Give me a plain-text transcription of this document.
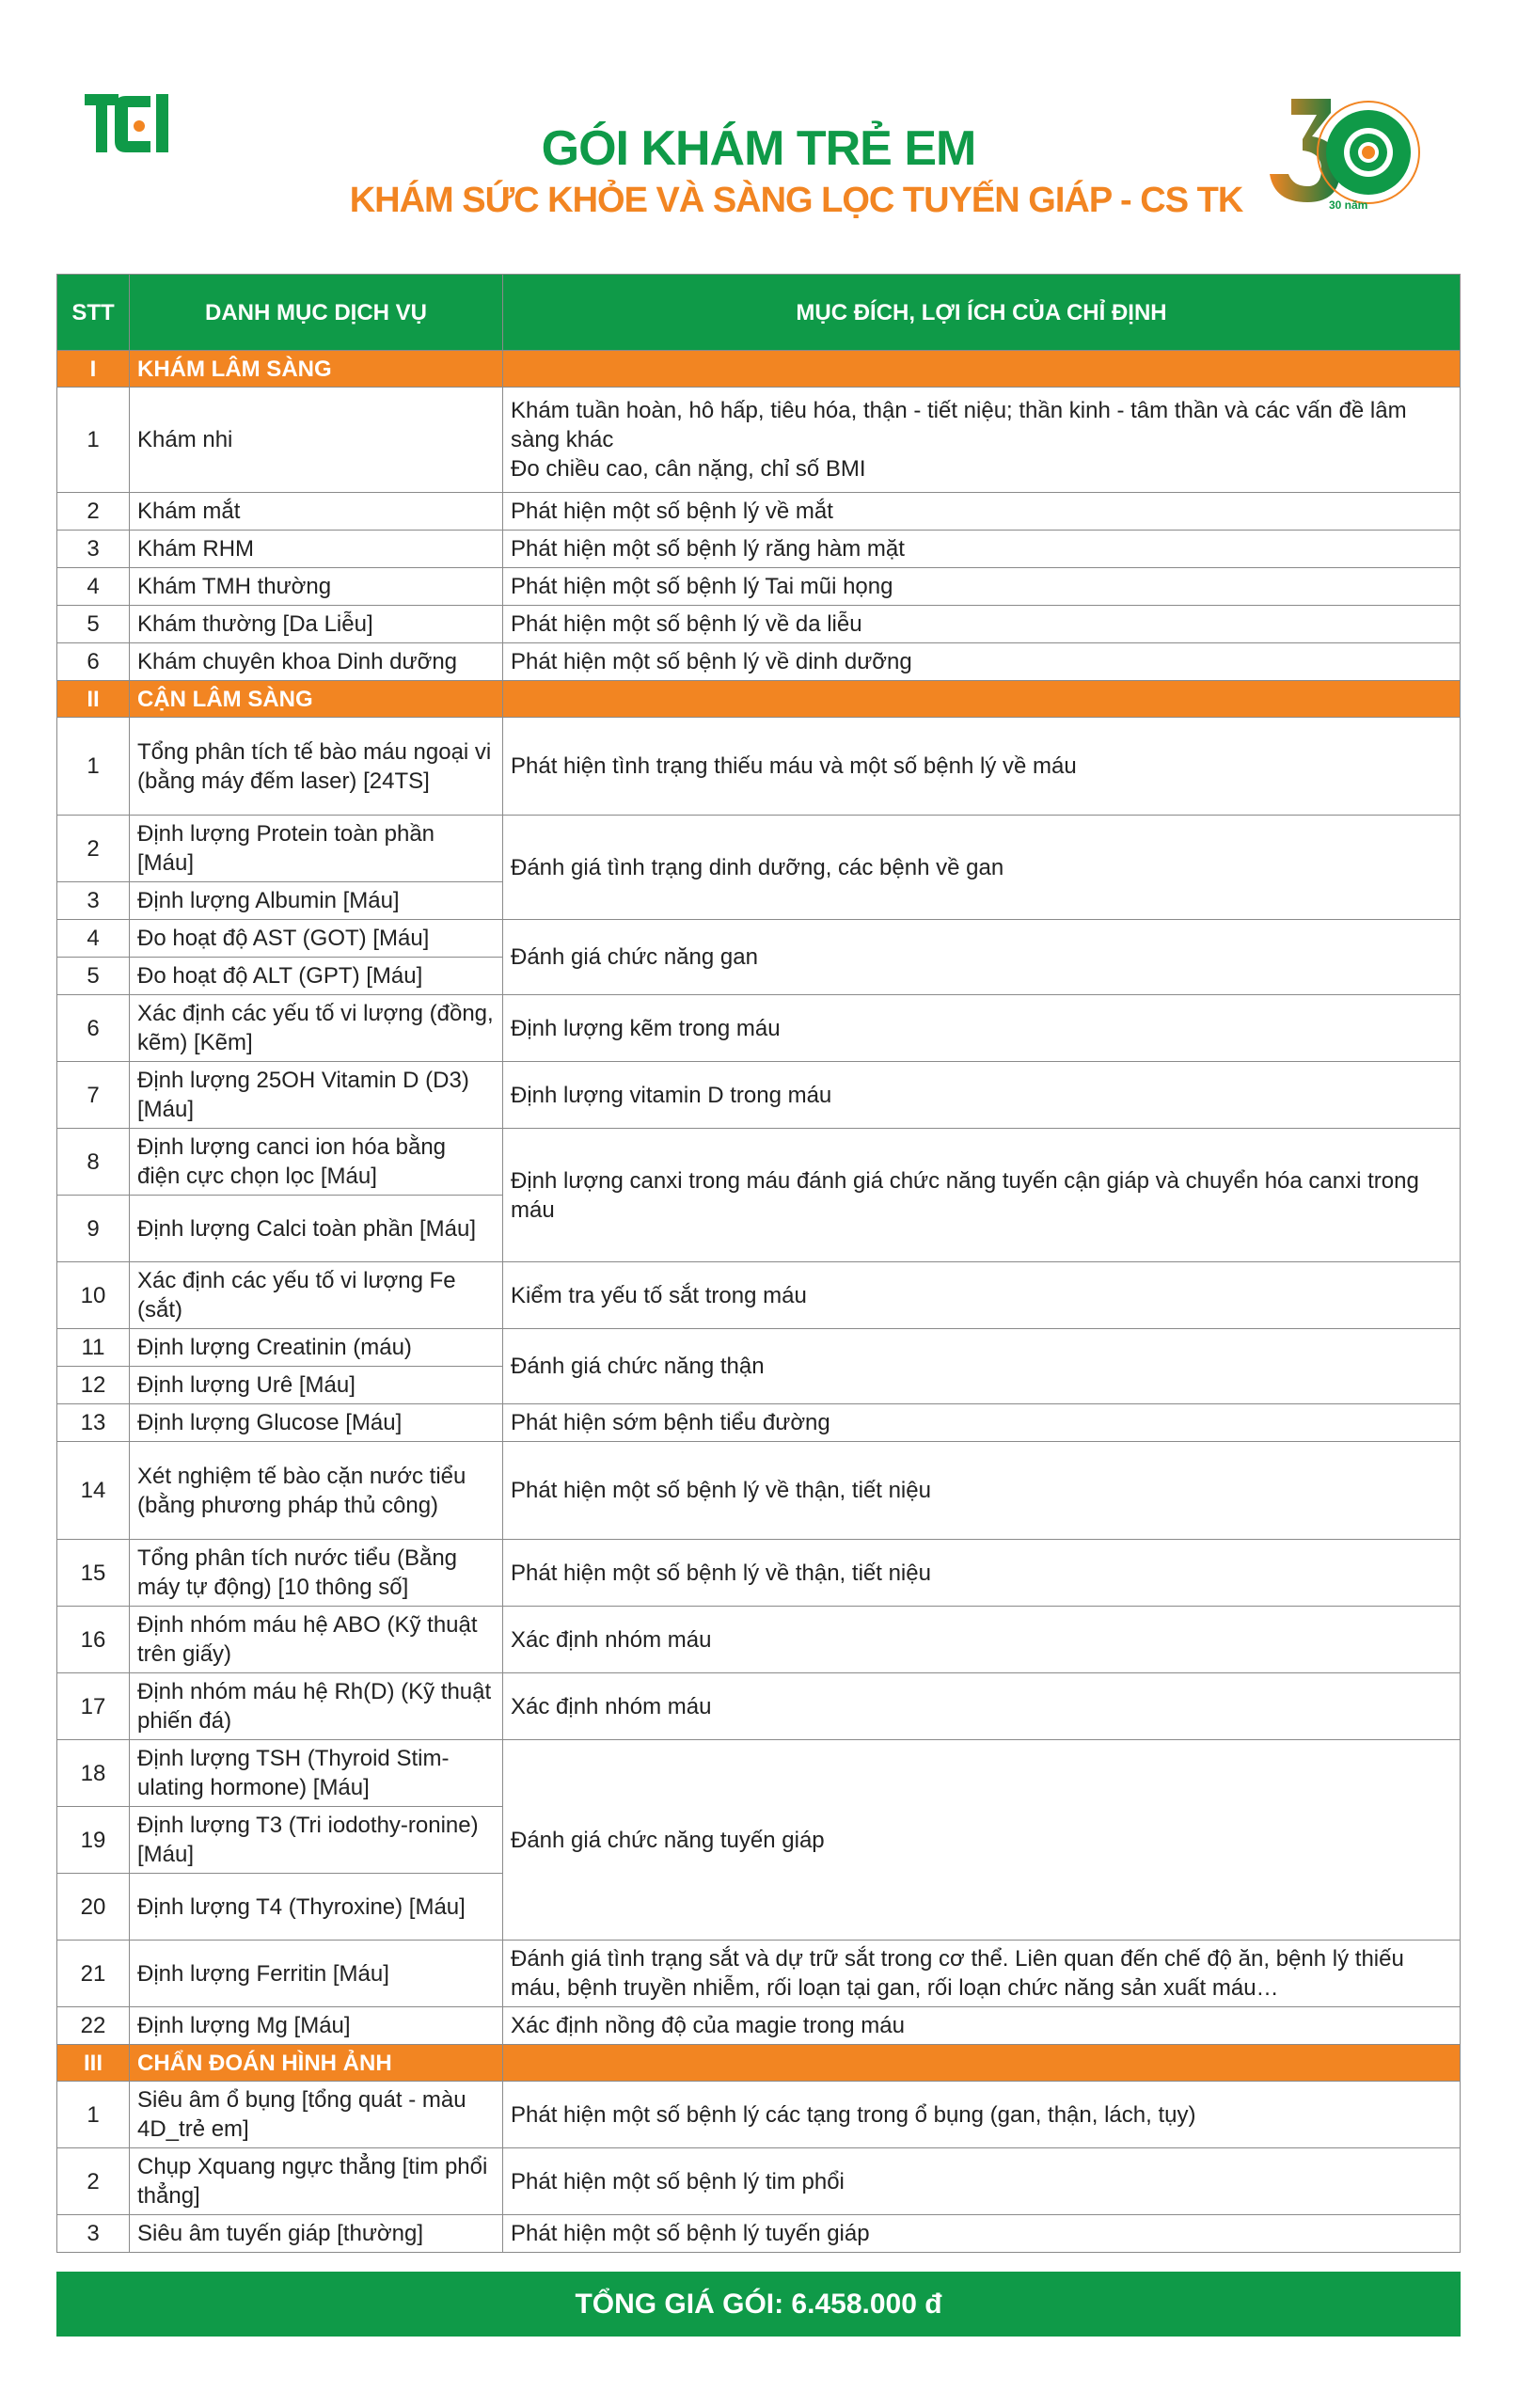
30 năm
GÓI KHÁM TRẺ EM
KHÁM SỨC KHỎE VÀ SÀNG LỌC TUYẾN GIÁP - CS TK
STT	DANH MỤC DỊCH VỤ	MỤC ĐÍCH, LỢI ÍCH CỦA CHỈ ĐỊNH
I	KHÁM LÂM SÀNG	
1	Khám nhi	Khám tuần hoàn, hô hấp, tiêu hóa, thận - tiết niệu; thần kinh - tâm thần và các vấn đề lâm sàng khác
Đo chiều cao, cân nặng, chỉ số BMI
2	Khám mắt	Phát hiện một số bệnh lý về mắt
3	Khám RHM	Phát hiện một số bệnh lý răng hàm mặt
4	Khám TMH thường	Phát hiện một số bệnh lý Tai mũi họng
5	Khám thường [Da Liễu]	Phát hiện một số bệnh lý về da liễu
6	Khám chuyên khoa Dinh dưỡng	Phát hiện một số bệnh lý về dinh dưỡng
II	CẬN LÂM SÀNG	
1	Tổng phân tích tế bào máu ngoại vi (bằng máy đếm laser) [24TS]	Phát hiện tình trạng thiếu máu và một số bệnh lý về máu
2	Định lượng Protein toàn phần [Máu]	Đánh giá tình trạng dinh dưỡng, các bệnh về gan
3	Định lượng Albumin [Máu]	
4	Đo hoạt độ AST (GOT) [Máu]	Đánh giá chức năng gan
5	Đo hoạt độ ALT (GPT) [Máu]	
6	Xác định các yếu tố vi lượng (đồng, kẽm) [Kẽm]	Định lượng kẽm trong máu
7	Định lượng 25OH Vitamin D (D3) [Máu]	Định lượng vitamin D trong máu
8	Định lượng canci ion hóa bằng điện cực chọn lọc [Máu]	Định lượng canxi trong máu đánh giá chức năng tuyến cận giáp và chuyển hóa canxi trong máu
9	Định lượng Calci toàn phần [Máu]	
10	Xác định các yếu tố vi lượng Fe (sắt)	Kiểm tra yếu tố sắt trong máu
11	Định lượng Creatinin (máu)	Đánh giá chức năng thận
12	Định lượng Urê [Máu]	
13	Định lượng Glucose [Máu]	Phát hiện sớm bệnh tiểu đường
14	Xét nghiệm tế bào cặn nước tiểu (bằng phương pháp thủ công)	Phát hiện một số bệnh lý về thận, tiết niệu
15	Tổng phân tích nước tiểu (Bằng máy tự động) [10 thông số]	Phát hiện một số bệnh lý về thận, tiết niệu
16	Định nhóm máu hệ ABO (Kỹ thuật trên giấy)	Xác định nhóm máu
17	Định nhóm máu hệ Rh(D) (Kỹ thuật phiến đá)	Xác định nhóm máu
18	Định lượng TSH (Thyroid Stim-ulating hormone) [Máu]	Đánh giá chức năng tuyến giáp
19	Định lượng T3 (Tri iodothy-ronine) [Máu]	
20	Định lượng T4 (Thyroxine) [Máu]	
21	Định lượng Ferritin [Máu]	Đánh giá tình trạng sắt và dự trữ sắt trong cơ thể. Liên quan đến chế độ ăn, bệnh lý thiếu máu, bệnh truyền nhiễm, rối loạn tại gan, rối loạn chức năng sản xuất máu…
22	Định lượng Mg [Máu]	Xác định nồng độ của magie trong máu
III	CHẨN ĐOÁN HÌNH ẢNH	
1	Siêu âm ổ bụng [tổng quát - màu 4D_trẻ em]	Phát hiện một số bệnh lý các tạng trong ổ bụng (gan, thận, lách, tụy)
2	Chụp Xquang ngực thẳng [tim phổi thẳng]	Phát hiện một số bệnh lý tim phổi
3	Siêu âm tuyến giáp [thường]	Phát hiện một số bệnh lý tuyến giáp
TỔNG GIÁ GÓI: 6.458.000 đ
